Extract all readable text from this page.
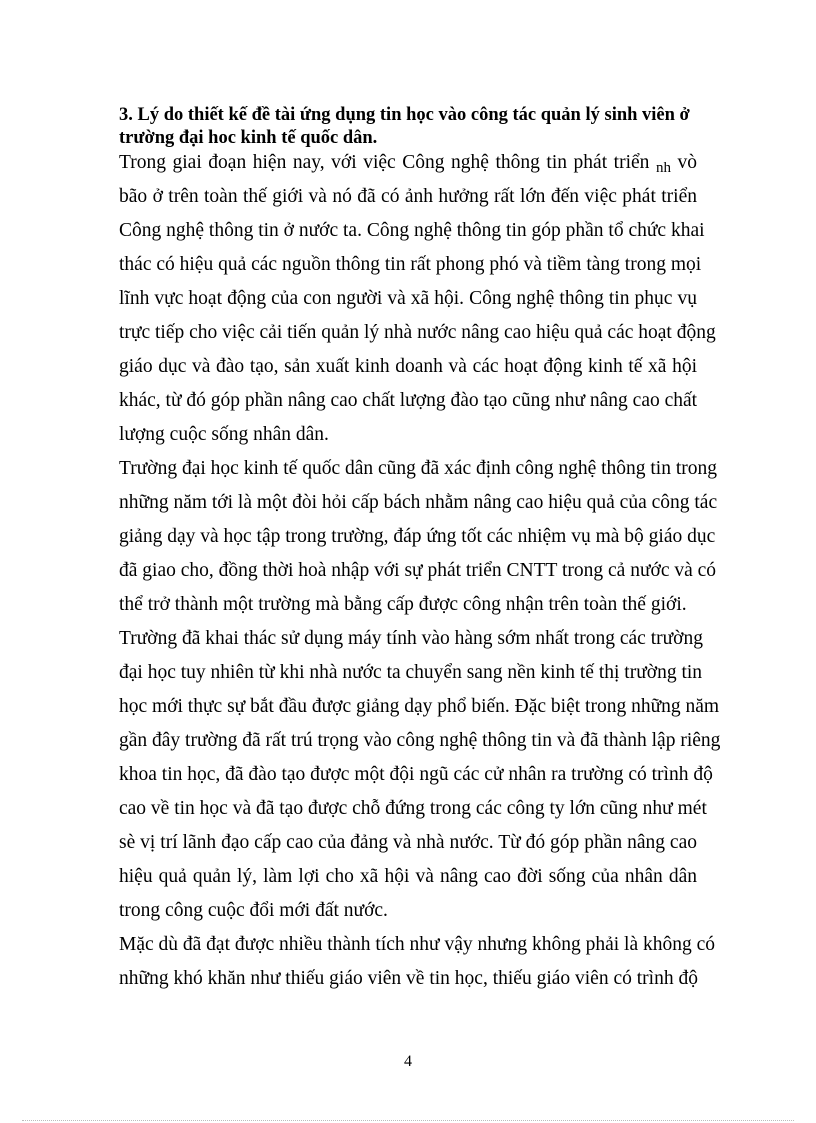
3. Lý do thiết kế đề tài ứng dụng tin học vào công tác quản lý sinh viên ở
trường đại hoc kinh tế quốc dân.
Trong giai đoạn hiện nay, với việc Công nghệ thông tin phát triển $_{nh}$ vò
bão ở trên toàn thế giới và nó đã có ảnh hưởng rất lớn đến việc phát triển
Công nghệ thông tin ở nước ta. Công nghệ thông tin góp phần tổ chức khai
thác có hiệu quả các nguồn thông tin rất phong phó và tiềm tàng trong mọi
lĩnh vực hoạt động của con người và xã hội. Công nghệ thông tin phục vụ
trực tiếp cho việc cải tiến quản lý nhà nước nâng cao hiệu quả các hoạt động
giáo dục và đào tạo, sản xuất kinh doanh và các hoạt động kinh tế xã hội
khác, từ đó góp phần nâng cao chất lượng đào tạo cũng như nâng cao chất
lượng cuộc sống nhân dân.
Trường đại học kinh tế quốc dân cũng đã xác định công nghệ thông tin trong
những năm tới là một đòi hỏi cấp bách nhằm nâng cao hiệu quả của công tác
giảng dạy và học tập trong trường, đáp ứng tốt các nhiệm vụ mà bộ giáo dục
đã giao cho, đồng thời hoà nhập với sự phát triển CNTT trong cả nước và có
thể trở thành một trường mà bằng cấp được công nhận trên toàn thế giới.
Trường đã khai thác sử dụng máy tính vào hàng sớm nhất trong các trường
đại học tuy nhiên từ khi nhà nước ta chuyển sang nền kinh tế thị trường tin
học mới thực sự bắt đầu được giảng dạy phổ biến. Đặc biệt trong những năm
gần đây trường đã rất trú trọng vào công nghệ thông tin và đã thành lập riêng
khoa tin học, đã đào tạo được một đội ngũ các cử nhân ra trường có trình độ
cao về tin học và đã tạo được chỗ đứng trong các công ty lớn cũng như mét
sè vị trí lãnh đạo cấp cao của đảng và nhà nước. Từ đó góp phần nâng cao
hiệu quả quản lý, làm lợi cho xã hội và nâng cao đời sống của nhân dân
trong công cuộc đổi mới đất nước.
Mặc dù đã đạt được nhiều thành tích như vậy nhưng không phải là không có
những khó khăn như thiếu giáo viên về tin học, thiếu giáo viên có trình độ
4
